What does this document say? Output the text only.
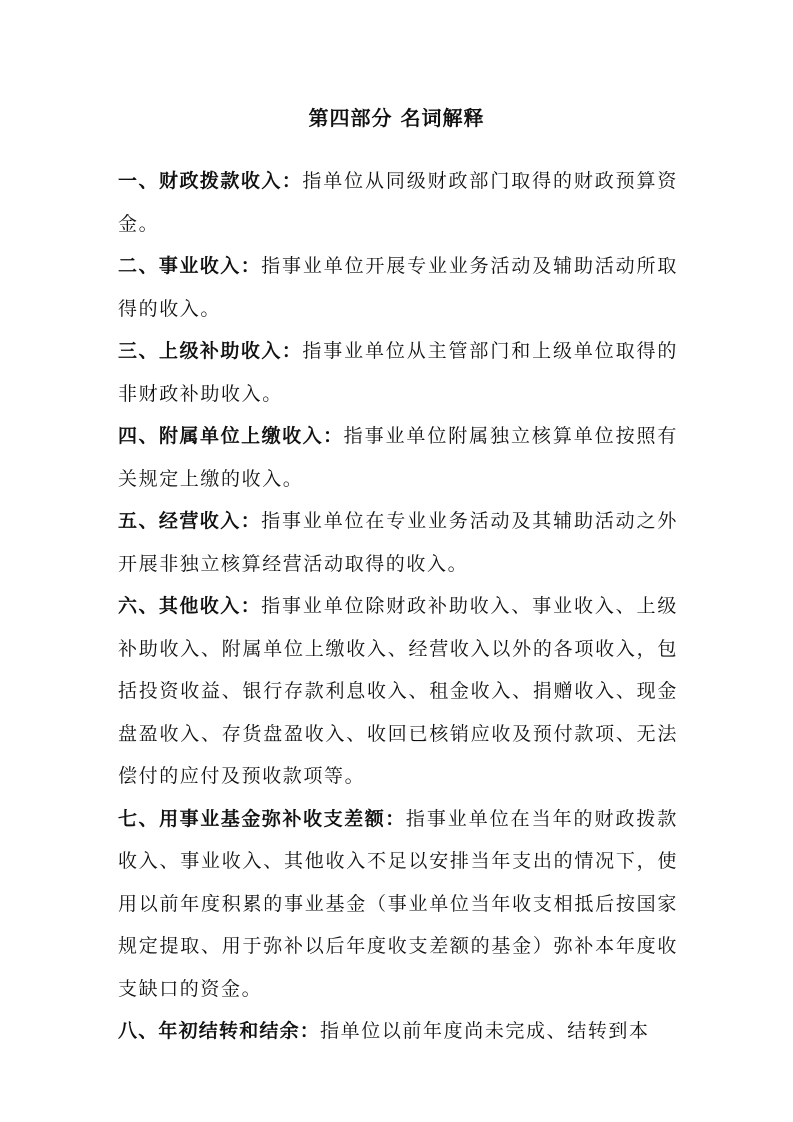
第四部分 名词解释

一、财政拨款收入：指单位从同级财政部门取得的财政预算资金。

二、事业收入：指事业单位开展专业业务活动及辅助活动所取得的收入。

三、上级补助收入：指事业单位从主管部门和上级单位取得的非财政补助收入。

四、附属单位上缴收入：指事业单位附属独立核算单位按照有关规定上缴的收入。

五、经营收入：指事业单位在专业业务活动及其辅助活动之外开展非独立核算经营活动取得的收入。

六、其他收入：指事业单位除财政补助收入、事业收入、上级补助收入、附属单位上缴收入、经营收入以外的各项收入，包括投资收益、银行存款利息收入、租金收入、捐赠收入、现金盘盈收入、存货盘盈收入、收回已核销应收及预付款项、无法偿付的应付及预收款项等。

七、用事业基金弥补收支差额：指事业单位在当年的财政拨款收入、事业收入、其他收入不足以安排当年支出的情况下，使用以前年度积累的事业基金（事业单位当年收支相抵后按国家规定提取、用于弥补以后年度收支差额的基金）弥补本年度收支缺口的资金。

八、年初结转和结余：指单位以前年度尚未完成、结转到本
